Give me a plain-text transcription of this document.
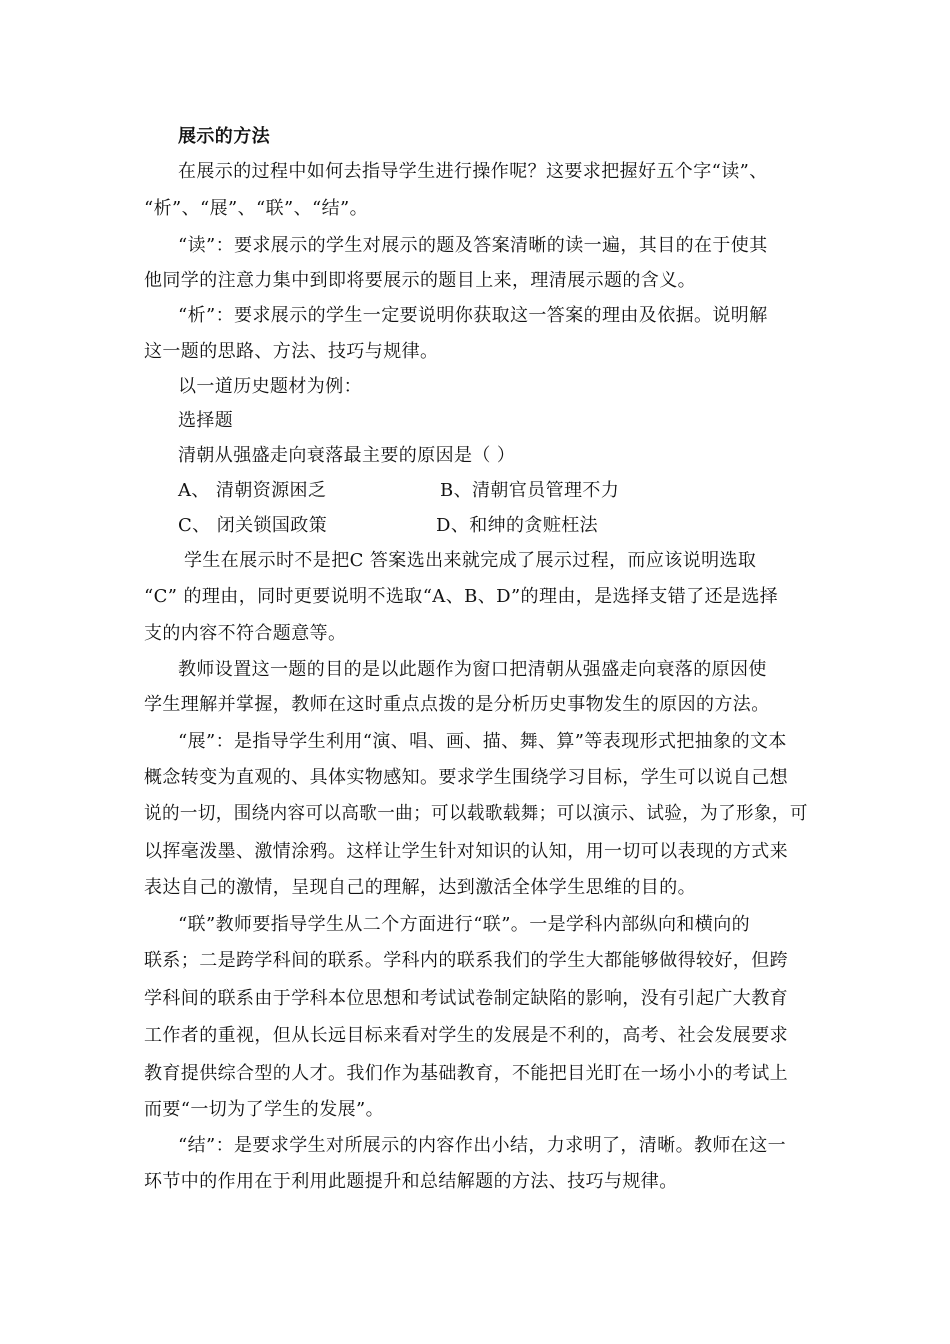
展示的方法
在展示的过程中如何去指导学生进行操作呢？这要求把握好五个字“读”、
“析”、“展”、“联”、“结”。
“读”：要求展示的学生对展示的题及答案清晰的读一遍，其目的在于使其
他同学的注意力集中到即将要展示的题目上来，理清展示题的含义。
“析”：要求展示的学生一定要说明你获取这一答案的理由及依据。说明解
这一题的思路、方法、技巧与规律。
以一道历史题材为例：
选择题
清朝从强盛走向衰落最主要的原因是（ ）
A、 清朝资源困乏	B、清朝官员管理不力
C、 闭关锁国政策	D、和绅的贪赃枉法
学生在展示时不是把C 答案选出来就完成了展示过程，而应该说明选取
“C” 的理由，同时更要说明不选取“A、B、D”的理由，是选择支错了还是选择
支的内容不符合题意等。
教师设置这一题的目的是以此题作为窗口把清朝从强盛走向衰落的原因使
学生理解并掌握，教师在这时重点点拨的是分析历史事物发生的原因的方法。
“展”：是指导学生利用“演、唱、画、描、舞、算”等表现形式把抽象的文本
概念转变为直观的、具体实物感知。要求学生围绕学习目标，学生可以说自己想
说的一切，围绕内容可以高歌一曲；可以载歌载舞；可以演示、试验，为了形象，可
以挥毫泼墨、激情涂鸦。这样让学生针对知识的认知，用一切可以表现的方式来
表达自己的激情，呈现自己的理解，达到激活全体学生思维的目的。
“联”教师要指导学生从二个方面进行“联”。一是学科内部纵向和横向的
联系；二是跨学科间的联系。学科内的联系我们的学生大都能够做得较好，但跨
学科间的联系由于学科本位思想和考试试卷制定缺陷的影响，没有引起广大教育
工作者的重视，但从长远目标来看对学生的发展是不利的，高考、社会发展要求
教育提供综合型的人才。我们作为基础教育，不能把目光盯在一场小小的考试上
而要“一切为了学生的发展”。
“结”：是要求学生对所展示的内容作出小结，力求明了，清晰。教师在这一
环节中的作用在于利用此题提升和总结解题的方法、技巧与规律。
